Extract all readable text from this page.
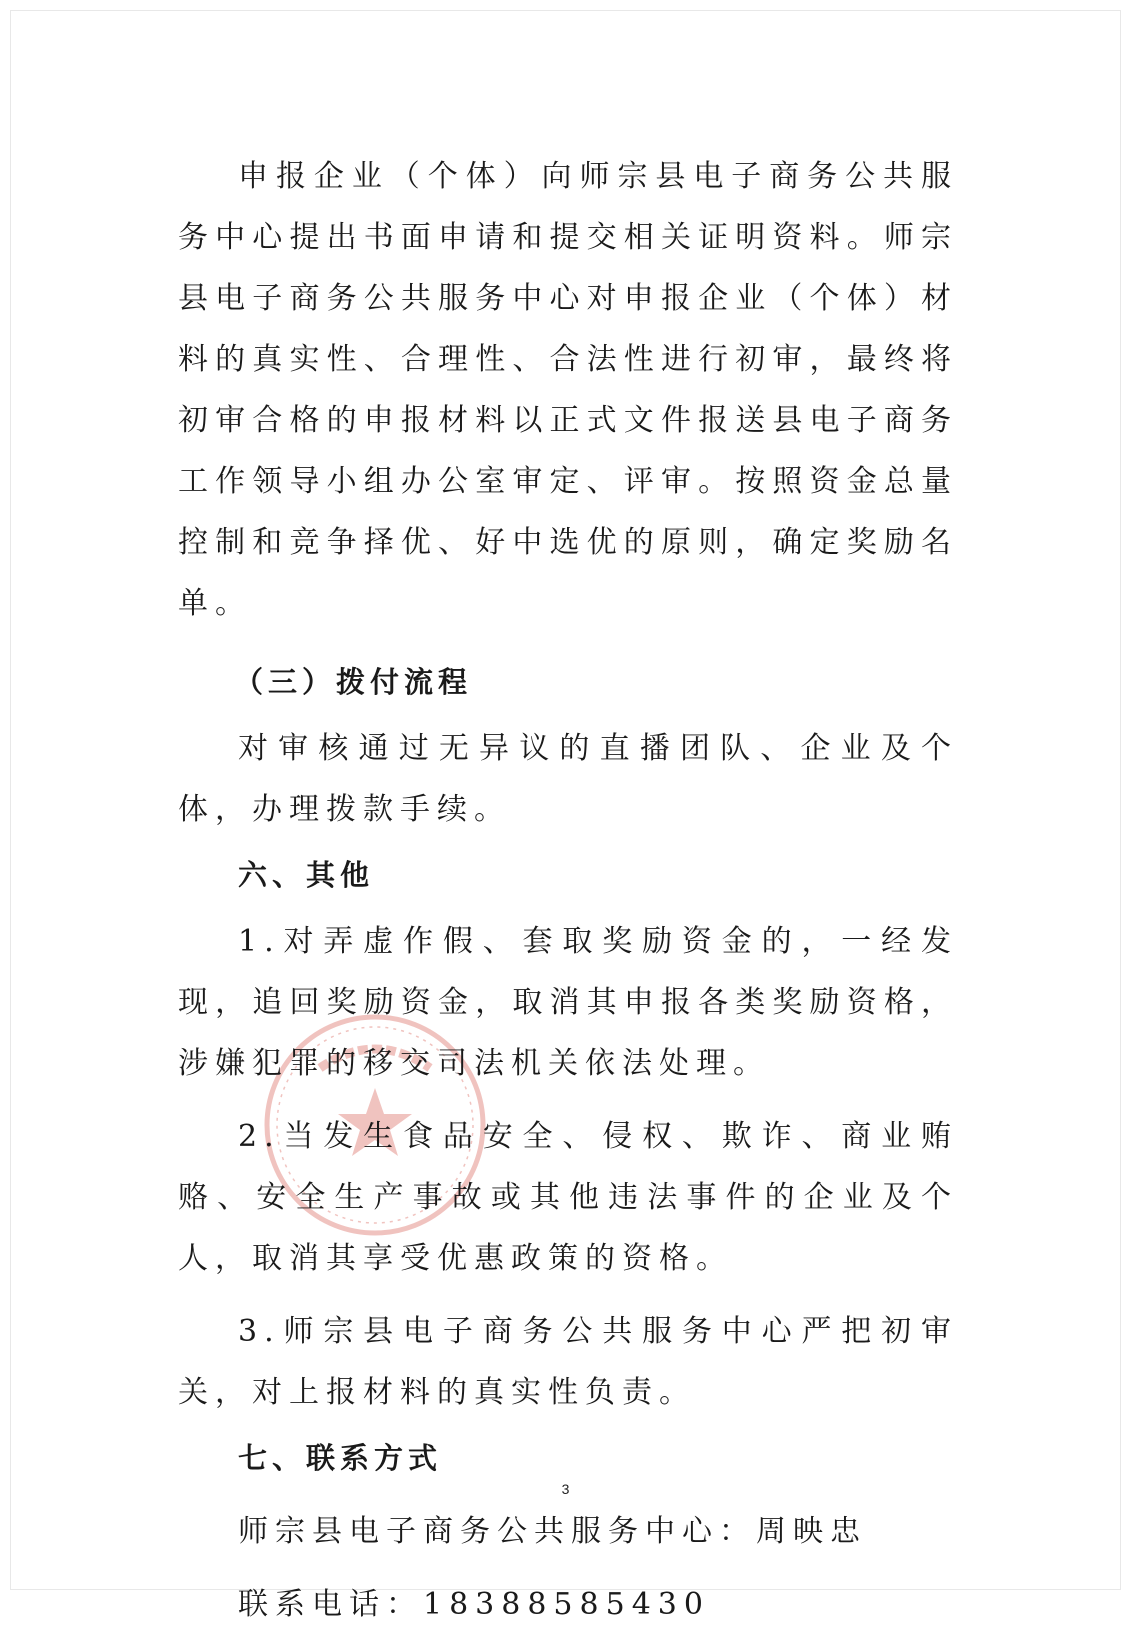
申报企业（个体）向师宗县电子商务公共服务中心提出书面申请和提交相关证明资料。师宗县电子商务公共服务中心对申报企业（个体）材料的真实性、合理性、合法性进行初审，最终将初审合格的申报材料以正式文件报送县电子商务工作领导小组办公室审定、评审。按照资金总量控制和竞争择优、好中选优的原则，确定奖励名单。

（三）拨付流程

对审核通过无异议的直播团队、企业及个体，办理拨款手续。

六、其他

1.对弄虚作假、套取奖励资金的，一经发现，追回奖励资金，取消其申报各类奖励资格，涉嫌犯罪的移交司法机关依法处理。

2.当发生食品安全、侵权、欺诈、商业贿赂、安全生产事故或其他违法事件的企业及个人，取消其享受优惠政策的资格。

3.师宗县电子商务公共服务中心严把初审关，对上报材料的真实性负责。

七、联系方式

师宗县电子商务公共服务中心：周映忠

联系电话：18388585430

3
